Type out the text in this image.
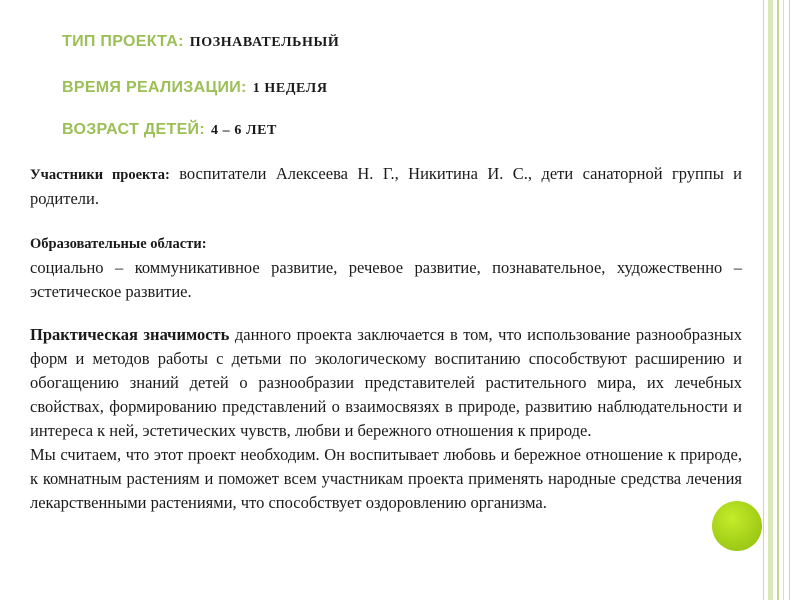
ТИП ПРОЕКТА: ПОЗНАВАТЕЛЬНЫЙ
ВРЕМЯ РЕАЛИЗАЦИИ: 1 НЕДЕЛЯ
ВОЗРАСТ ДЕТЕЙ: 4 – 6 ЛЕТ
Участники проекта: воспитатели Алексеева Н. Г., Никитина И. С., дети санаторной группы и родители.
Образовательные области:
социально – коммуникативное развитие, речевое развитие, познавательное, художественно – эстетическое развитие.
Практическая значимость данного проекта заключается в том, что использование разнообразных форм и методов работы с детьми по экологическому воспитанию способствуют расширению и обогащению знаний детей о разнообразии представителей растительного мира, их лечебных свойствах, формированию представлений о взаимосвязях в природе, развитию наблюдательности и интереса к ней, эстетических чувств, любви и бережного отношения к природе.
Мы считаем, что этот проект необходим. Он воспитывает любовь и бережное отношение к природе, к комнатным растениям и поможет всем участникам проекта применять народные средства лечения лекарственными растениями, что способствует оздоровлению организма.
